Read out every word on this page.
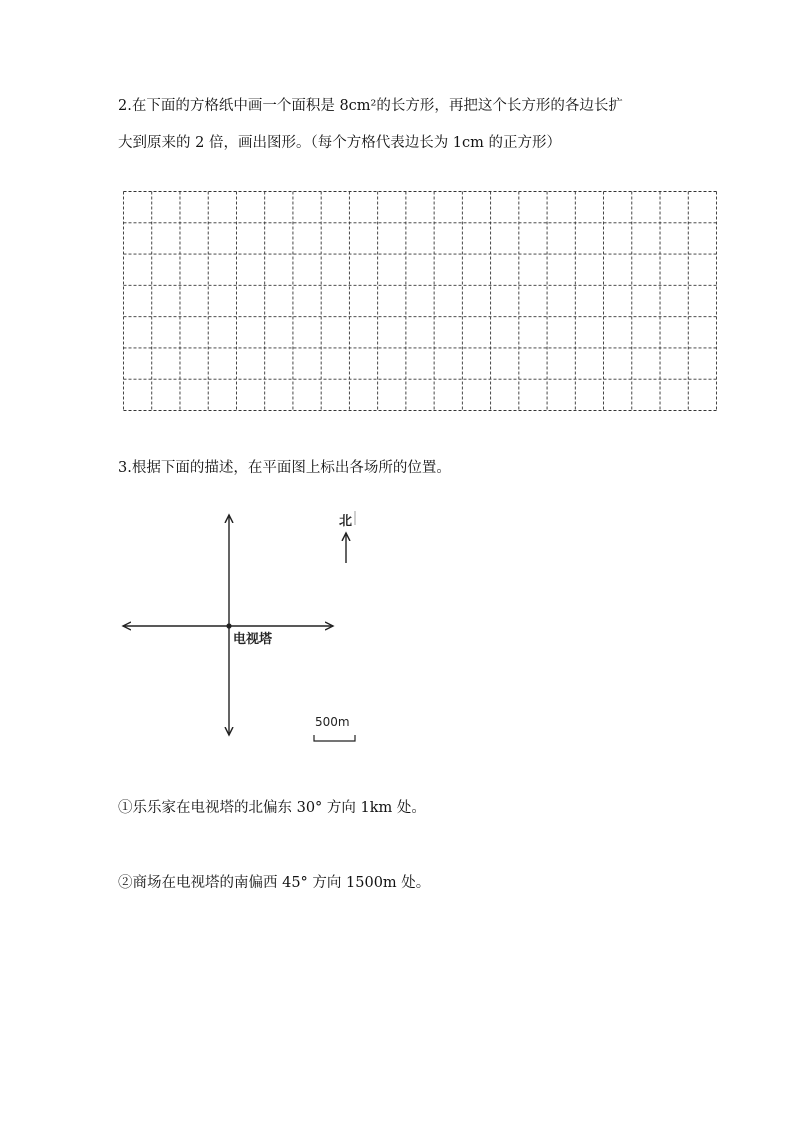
2.在下面的方格纸中画一个面积是 8cm²的长方形，再把这个长方形的各边长扩

大到原来的 2 倍，画出图形。（每个方格代表边长为 1cm 的正方形）

3.根据下面的描述，在平面图上标出各场所的位置。

电视塔
北
500m

①乐乐家在电视塔的北偏东 30° 方向 1km 处。

②商场在电视塔的南偏西 45° 方向 1500m 处。
